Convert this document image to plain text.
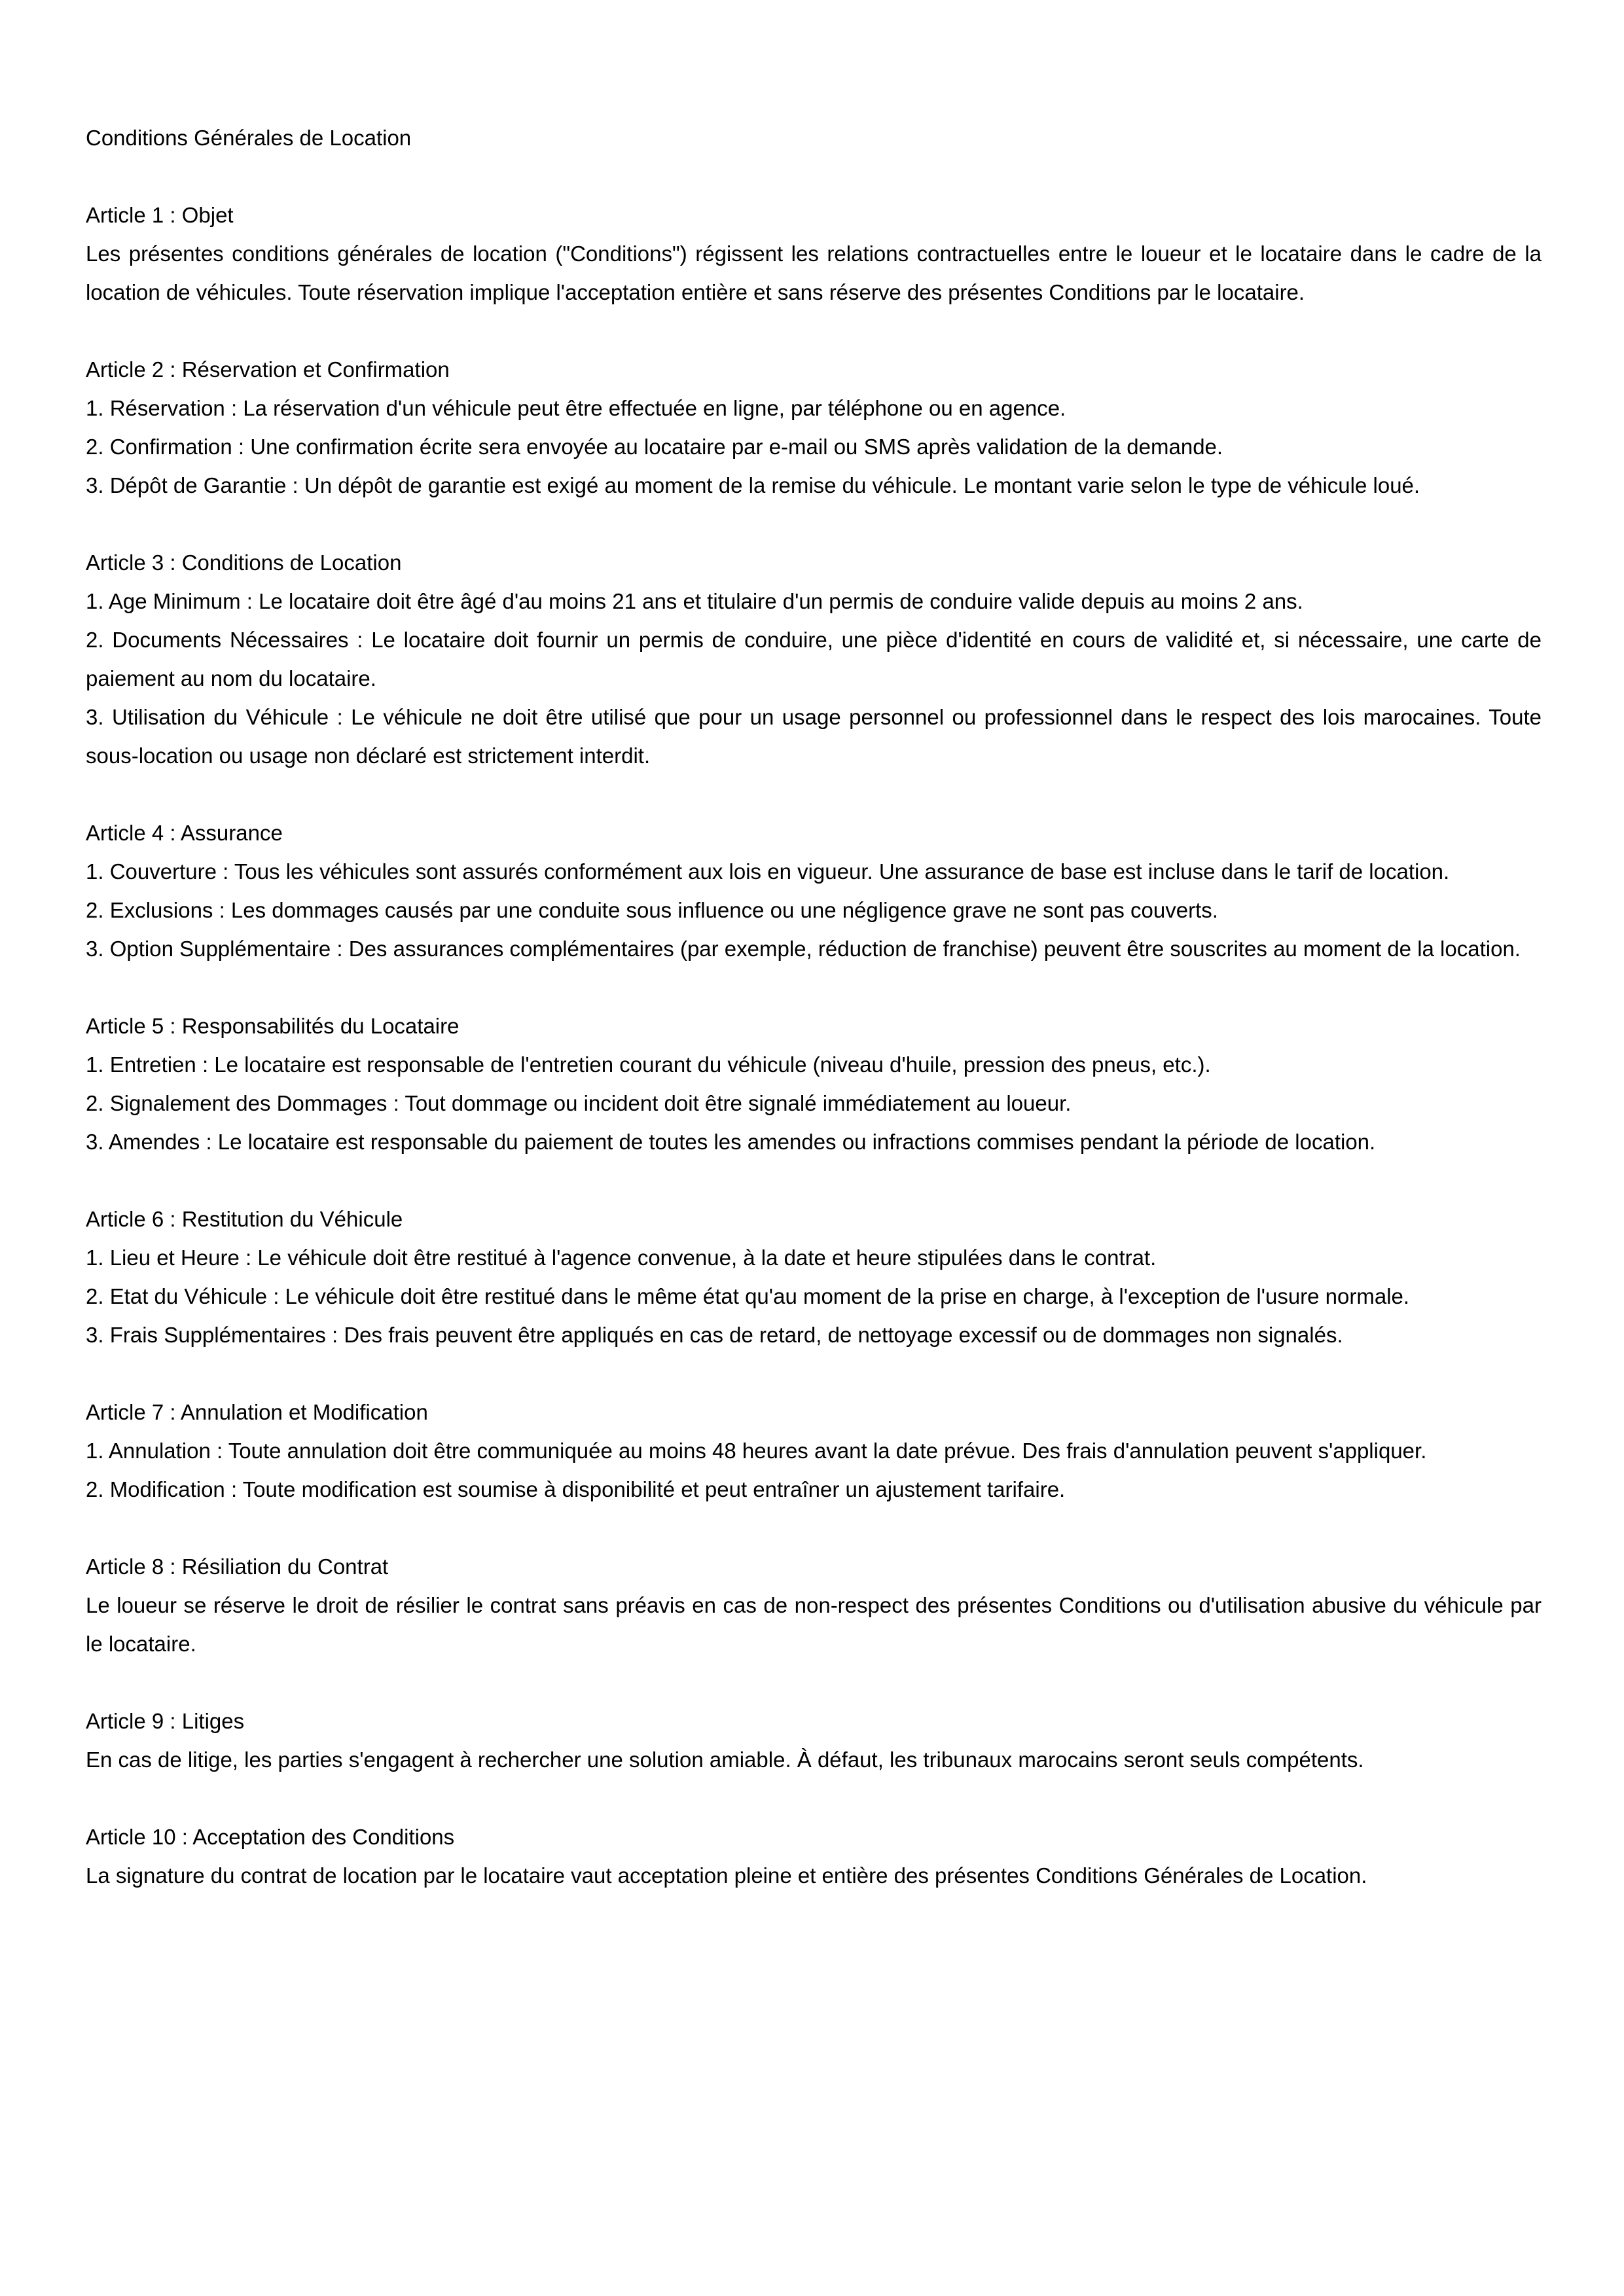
Conditions Générales de Location
Article 1 : Objet

Les présentes conditions générales de location ("Conditions") régissent les relations contractuelles entre le loueur et le locataire dans le cadre de la location de véhicules. Toute réservation implique l'acceptation entière et sans réserve des présentes Conditions par le locataire.

Article 2 : Réservation et Confirmation

1. Réservation : La réservation d'un véhicule peut être effectuée en ligne, par téléphone ou en agence.

2. Confirmation : Une confirmation écrite sera envoyée au locataire par e-mail ou SMS après validation de la demande.

3. Dépôt de Garantie : Un dépôt de garantie est exigé au moment de la remise du véhicule. Le montant varie selon le type de véhicule loué.

Article 3 : Conditions de Location

1. Age Minimum : Le locataire doit être âgé d'au moins 21 ans et titulaire d'un permis de conduire valide depuis au moins 2 ans.

2. Documents Nécessaires : Le locataire doit fournir un permis de conduire, une pièce d'identité en cours de validité et, si nécessaire, une carte de paiement au nom du locataire.

3. Utilisation du Véhicule : Le véhicule ne doit être utilisé que pour un usage personnel ou professionnel dans le respect des lois marocaines. Toute sous-location ou usage non déclaré est strictement interdit.

Article 4 : Assurance

1. Couverture : Tous les véhicules sont assurés conformément aux lois en vigueur. Une assurance de base est incluse dans le tarif de location.

2. Exclusions : Les dommages causés par une conduite sous influence ou une négligence grave ne sont pas couverts.

3. Option Supplémentaire : Des assurances complémentaires (par exemple, réduction de franchise) peuvent être souscrites au moment de la location.

Article 5 : Responsabilités du Locataire

1. Entretien : Le locataire est responsable de l'entretien courant du véhicule (niveau d'huile, pression des pneus, etc.).

2. Signalement des Dommages : Tout dommage ou incident doit être signalé immédiatement au loueur.

3. Amendes : Le locataire est responsable du paiement de toutes les amendes ou infractions commises pendant la période de location.

Article 6 : Restitution du Véhicule

1. Lieu et Heure : Le véhicule doit être restitué à l'agence convenue, à la date et heure stipulées dans le contrat.

2. Etat du Véhicule : Le véhicule doit être restitué dans le même état qu'au moment de la prise en charge, à l'exception de l'usure normale.

3. Frais Supplémentaires : Des frais peuvent être appliqués en cas de retard, de nettoyage excessif ou de dommages non signalés.

Article 7 : Annulation et Modification

1. Annulation : Toute annulation doit être communiquée au moins 48 heures avant la date prévue. Des frais d'annulation peuvent s'appliquer.

2. Modification : Toute modification est soumise à disponibilité et peut entraîner un ajustement tarifaire.

Article 8 : Résiliation du Contrat

Le loueur se réserve le droit de résilier le contrat sans préavis en cas de non-respect des présentes Conditions ou d'utilisation abusive du véhicule par le locataire.

Article 9 : Litiges

En cas de litige, les parties s'engagent à rechercher une solution amiable. À défaut, les tribunaux marocains seront seuls compétents.

Article 10 : Acceptation des Conditions

La signature du contrat de location par le locataire vaut acceptation pleine et entière des présentes Conditions Générales de Location.
